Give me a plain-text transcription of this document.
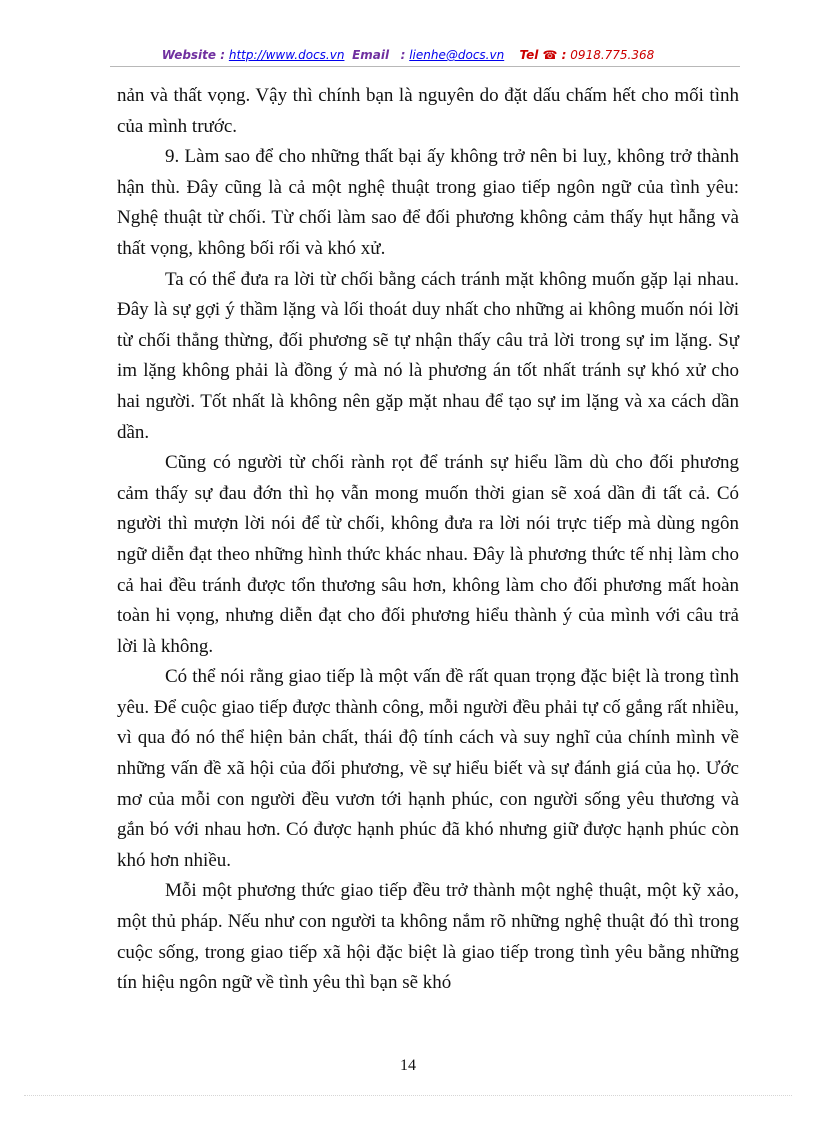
Website : http://www.docs.vn Email : lienhe@docs.vn Tel ☎ : 0918.775.368

nản và thất vọng. Vậy thì chính bạn là nguyên do đặt dấu chấm hết cho mối tình của mình trước.

9. Làm sao để cho những thất bại ấy không trở nên bi luỵ, không trở thành hận thù. Đây cũng là cả một nghệ thuật trong giao tiếp ngôn ngữ của tình yêu: Nghệ thuật từ chối. Từ chối làm sao để đối phương không cảm thấy hụt hẫng và thất vọng, không bối rối và khó xử.

Ta có thể đưa ra lời từ chối bằng cách tránh mặt không muốn gặp lại nhau. Đây là sự gợi ý thầm lặng và lối thoát duy nhất cho những ai không muốn nói lời từ chối thẳng thừng, đối phương sẽ tự nhận thấy câu trả lời trong sự im lặng. Sự im lặng không phải là đồng ý mà nó là phương án tốt nhất tránh sự khó xử cho hai người. Tốt nhất là không nên gặp mặt nhau để tạo sự im lặng và xa cách dần dần.

Cũng có người từ chối rành rọt để tránh sự hiểu lầm dù cho đối phương cảm thấy sự đau đớn thì họ vẫn mong muốn thời gian sẽ xoá dần đi tất cả. Có người thì mượn lời nói để từ chối, không đưa ra lời nói trực tiếp mà dùng ngôn ngữ diễn đạt theo những hình thức khác nhau. Đây là phương thức tế nhị làm cho cả hai đều tránh được tổn thương sâu hơn, không làm cho đối phương mất hoàn toàn hi vọng, nhưng diễn đạt cho đối phương hiểu thành ý của mình với câu trả lời là không.

Có thể nói rằng giao tiếp là một vấn đề rất quan trọng đặc biệt là trong tình yêu. Để cuộc giao tiếp được thành công, mỗi người đều phải tự cố gắng rất nhiều, vì qua đó nó thể hiện bản chất, thái độ tính cách và suy nghĩ của chính mình về những vấn đề xã hội của đối phương, về sự hiểu biết và sự đánh giá của họ. Ước mơ của mỗi con người đều vươn tới hạnh phúc, con người sống yêu thương và gắn bó với nhau hơn. Có được hạnh phúc đã khó nhưng giữ được hạnh phúc còn khó hơn nhiều.

Mỗi một phương thức giao tiếp đều trở thành một nghệ thuật, một kỹ xảo, một thủ pháp. Nếu như con người ta không nắm rõ những nghệ thuật đó thì trong cuộc sống, trong giao tiếp xã hội đặc biệt là giao tiếp trong tình yêu bằng những tín hiệu ngôn ngữ về tình yêu thì bạn sẽ khó

14
